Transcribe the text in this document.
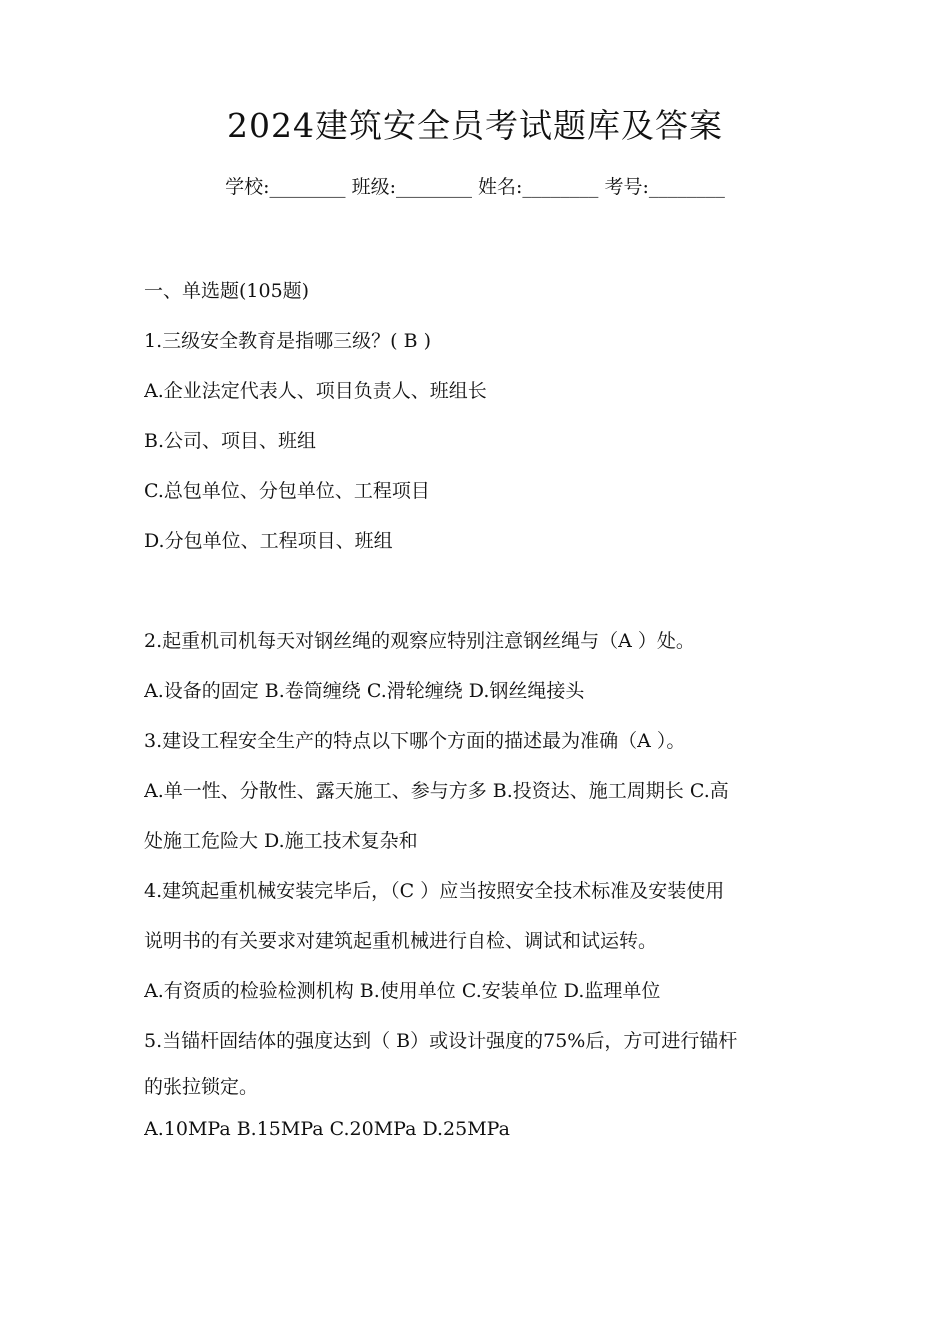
2024建筑安全员考试题库及答案
学校:________ 班级:________ 姓名:________ 考号:________
一、单选题(105题)
1.三级安全教育是指哪三级？( B )
A.企业法定代表人、项目负责人、班组长
B.公司、项目、班组
C.总包单位、分包单位、工程项目
D.分包单位、工程项目、班组
2.起重机司机每天对钢丝绳的观察应特别注意钢丝绳与（A ）处。
A.设备的固定 B.卷筒缠绕 C.滑轮缠绕 D.钢丝绳接头
3.建设工程安全生产的特点以下哪个方面的描述最为准确（A ）。
A.单一性、分散性、露天施工、参与方多 B.投资达、施工周期长 C.高
处施工危险大 D.施工技术复杂和
4.建筑起重机械安装完毕后，（C ）应当按照安全技术标准及安装使用
说明书的有关要求对建筑起重机械进行自检、调试和试运转。
A.有资质的检验检测机构 B.使用单位 C.安装单位 D.监理单位
5.当锚杆固结体的强度达到（ B）或设计强度的75%后，方可进行锚杆
的张拉锁定。
A.10MPa B.15MPa C.20MPa D.25MPa
